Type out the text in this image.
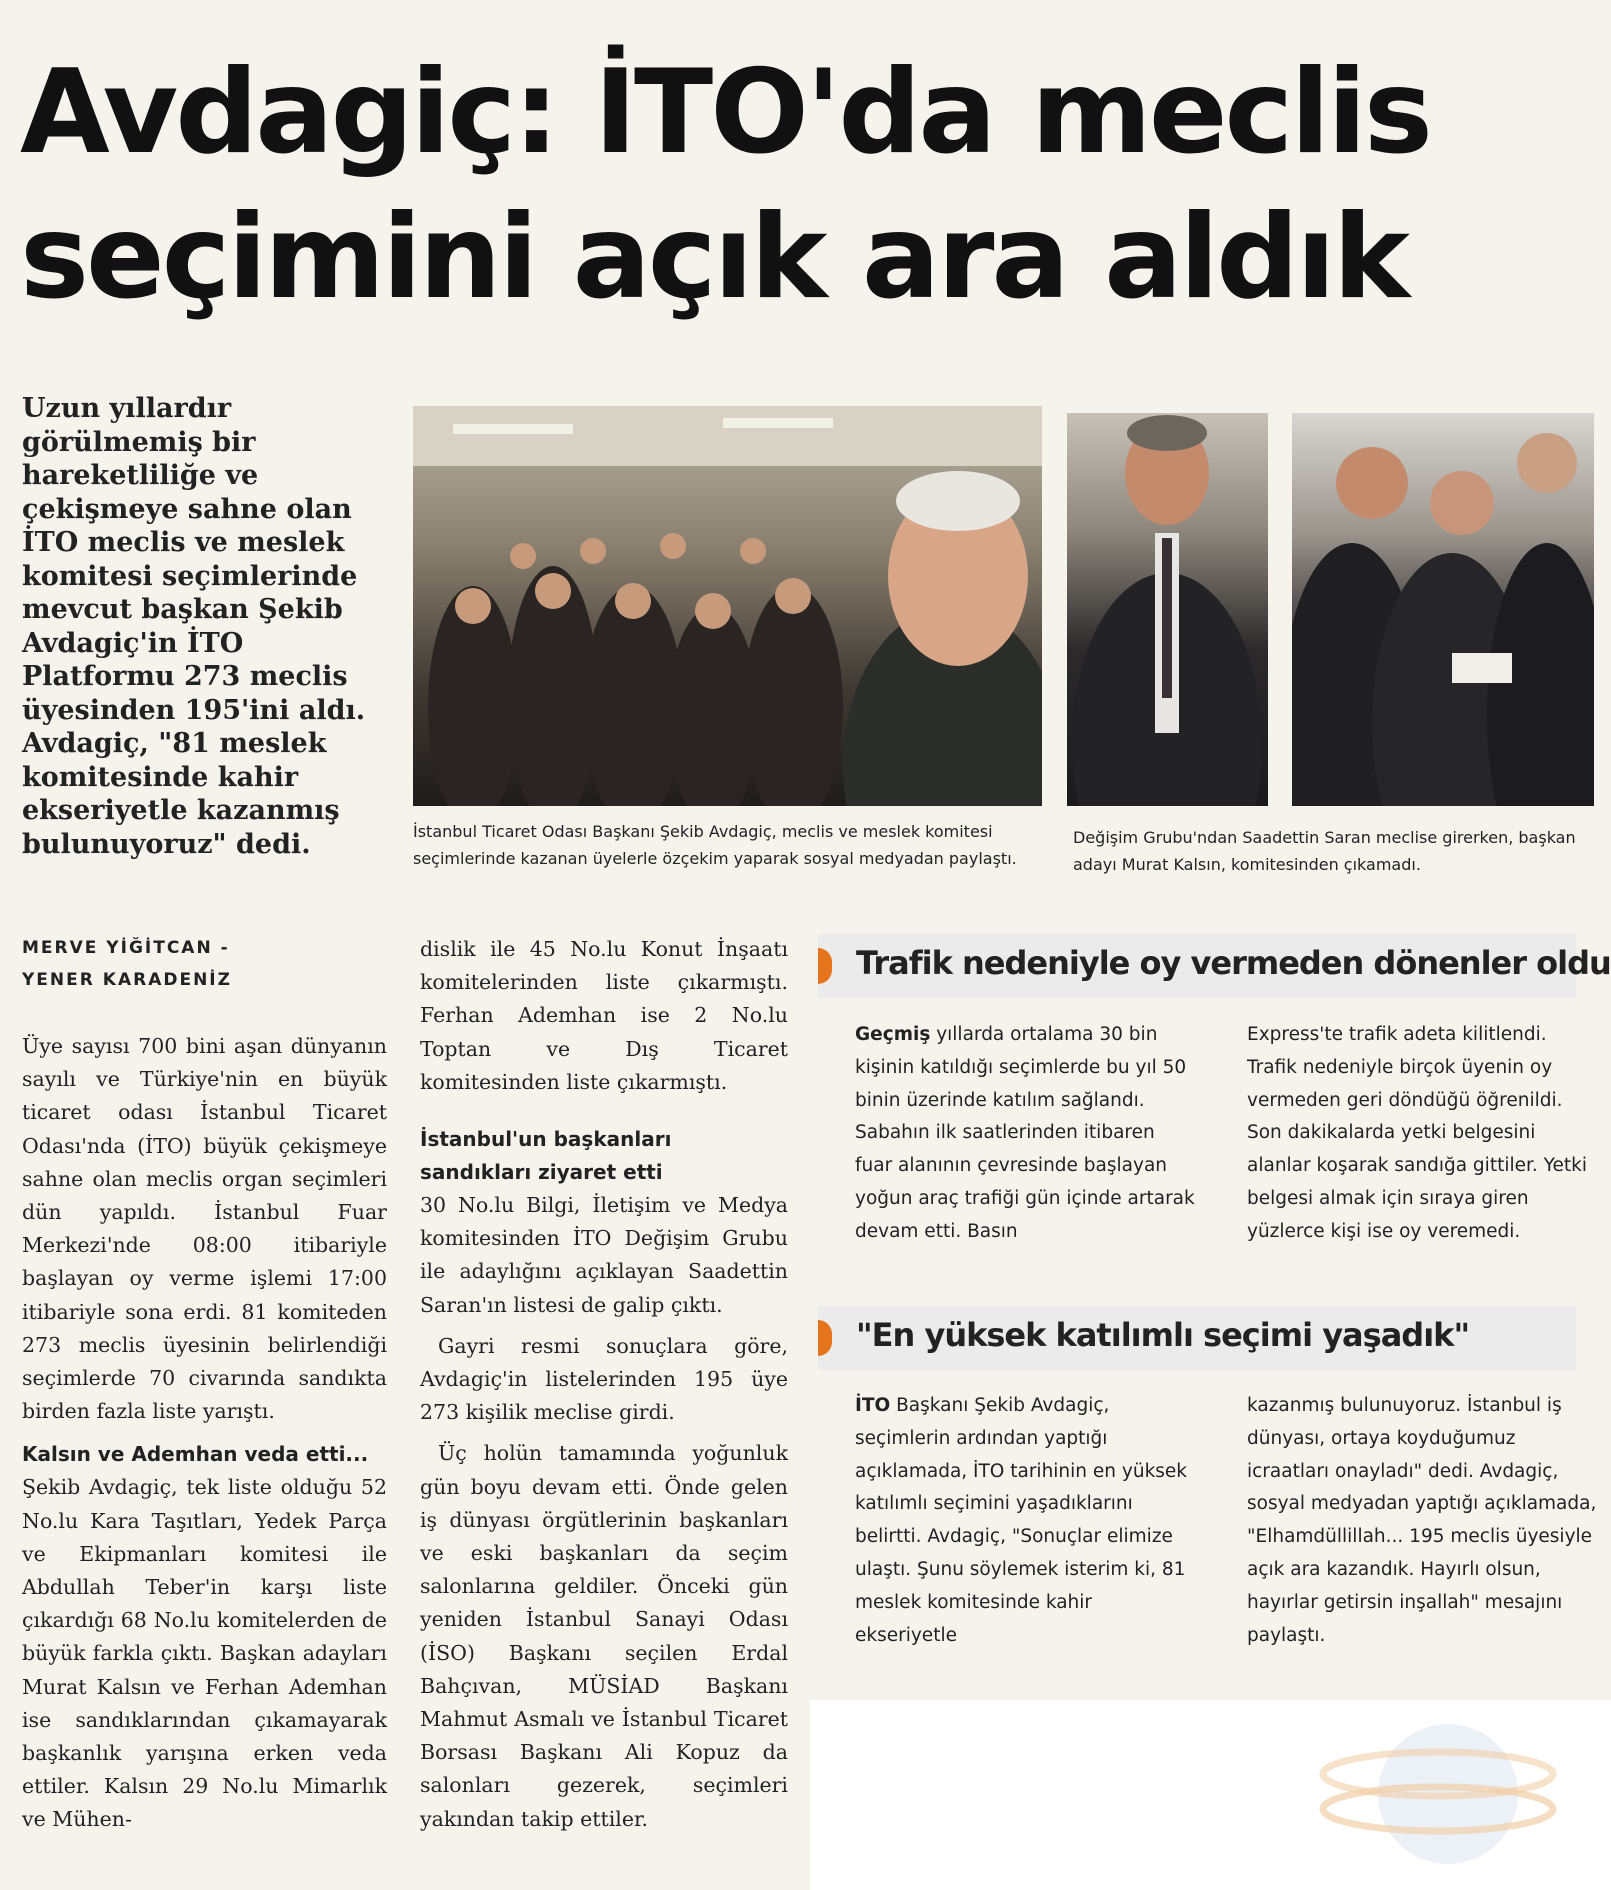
Avdagiç: İTO'da meclis
seçimini açık ara aldık
Uzun yıllardır görülmemiş bir hareketliliğe ve çekişmeye sahne olan İTO meclis ve meslek komitesi seçimlerinde mevcut başkan Şekib Avdagiç'in İTO Platformu 273 meclis üyesinden 195'ini aldı. Avdagiç, "81 meslek komitesinde kahir ekseriyetle kazanmış bulunuyoruz" dedi.	İstanbul Ticaret Odası Başkanı Şekib Avdagiç, meclis ve meslek komitesi seçimlerinde kazanan üyelerle özçekim yaparak sosyal medyadan paylaştı.
Değişim Grubu'ndan Saadettin Saran meclise girerken, başkan adayı Murat Kalsın, komitesinden çıkamadı.
MERVE YİĞİTCAN -
YENER KARADENİZ

Üye sayısı 700 bini aşan dünyanın sayılı ve Türkiye'nin en büyük ticaret odası İstanbul Ticaret Odası'nda (İTO) büyük çekişmeye sahne olan meclis organ seçimleri dün yapıldı. İstanbul Fuar Merkezi'nde 08:00 itibariyle başlayan oy verme işlemi 17:00 itibariyle sona erdi. 81 komiteden 273 meclis üyesinin belirlendiği seçimlerde 70 civarında sandıkta birden fazla liste yarıştı.

Kalsın ve Ademhan veda etti...

Şekib Avdagiç, tek liste olduğu 52 No.lu Kara Taşıtları, Yedek Parça ve Ekipmanları komitesi ile Abdullah Teber'in karşı liste çıkardığı 68 No.lu komitelerden de büyük farkla çıktı. Başkan adayları Murat Kalsın ve Ferhan Ademhan ise sandıklarından çıkamayarak başkanlık yarışına erken veda ettiler. Kalsın 29 No.lu Mimarlık ve Mühen-

dislik ile 45 No.lu Konut İnşaatı komitelerinden liste çıkarmıştı. Ferhan Ademhan ise 2 No.lu Toptan ve Dış Ticaret komitesinden liste çıkarmıştı.

İstanbul'un başkanları sandıkları ziyaret etti

30 No.lu Bilgi, İletişim ve Medya komitesinden İTO Değişim Grubu ile adaylığını açıklayan Saadettin Saran'ın listesi de galip çıktı.

Gayri resmi sonuçlara göre, Avdagiç'in listelerinden 195 üye 273 kişilik meclise girdi.

Üç holün tamamında yoğunluk gün boyu devam etti. Önde gelen iş dünyası örgütlerinin başkanları ve eski başkanları da seçim salonlarına geldiler. Önceki gün yeniden İstanbul Sanayi Odası (İSO) Başkanı seçilen Erdal Bahçıvan, MÜSİAD Başkanı Mahmut Asmalı ve İstanbul Ticaret Borsası Başkanı Ali Kopuz da salonları gezerek, seçimleri yakından takip ettiler.

Trafik nedeniyle oy vermeden dönenler oldu
Geçmiş yıllarda ortalama 30 bin kişinin katıldığı seçimlerde bu yıl 50 binin üzerinde katılım sağlandı. Sabahın ilk saatlerinden itibaren fuar alanının çevresinde başlayan yoğun araç trafiği gün içinde artarak devam etti. Basın
Express'te trafik adeta kilitlendi. Trafik nedeniyle birçok üyenin oy vermeden geri döndüğü öğrenildi. Son dakikalarda yetki belgesini alanlar koşarak sandığa gittiler. Yetki belgesi almak için sıraya giren yüzlerce kişi ise oy veremedi.
"En yüksek katılımlı seçimi yaşadık"
İTO Başkanı Şekib Avdagiç, seçimlerin ardından yaptığı açıklamada, İTO tarihinin en yüksek katılımlı seçimini yaşadıklarını belirtti. Avdagiç, "Sonuçlar elimize ulaştı. Şunu söylemek isterim ki, 81 meslek komitesinde kahir ekseriyetle
kazanmış bulunuyoruz. İstanbul iş dünyası, ortaya koyduğumuz icraatları onayladı" dedi. Avdagiç, sosyal medyadan yaptığı açıklamada, "Elhamdüllillah... 195 meclis üyesiyle açık ara kazandık. Hayırlı olsun, hayırlar getirsin inşallah" mesajını paylaştı.
